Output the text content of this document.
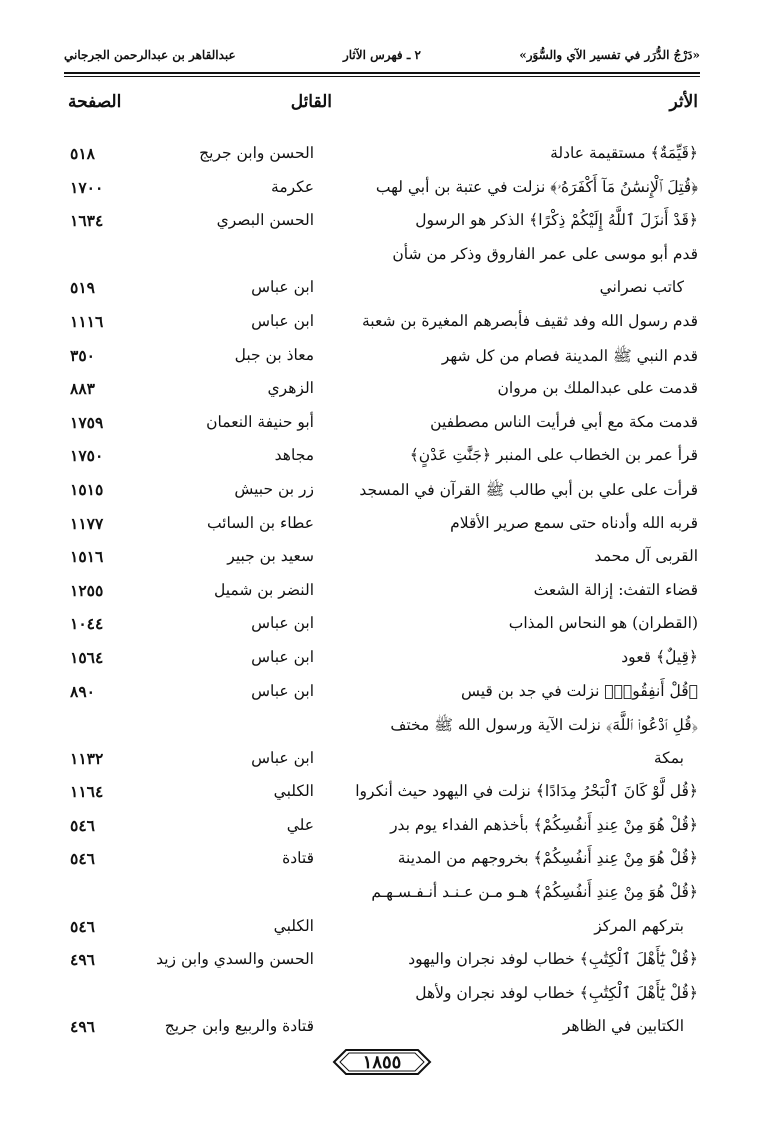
«دَرْجُ الدُّرَر في تفسير الآي والسُّوَر»
٢ ـ فهرس الآثار
عبدالقاهر بن عبدالرحمن الجرجاني
الأثر
القائل
الصفحة
﴿قَيِّمَةٌ﴾ مستقيمة عادلة
الحسن وابن جريج
٥١٨
﴿قُتِلَ ٱلْإِنسَٰنُ مَآ أَكْفَرَهُۥ﴾ نزلت في عتبة بن أبي لهب
عكرمة
١٧٠٠
﴿قَدْ أَنزَلَ ٱللَّهُ إِلَيْكُمْ ذِكْرًا﴾ الذكر هو الرسول
الحسن البصري
١٦٣٤
قدم أبو موسى على عمر الفاروق وذكر من شأن
كاتب نصراني
ابن عباس
٥١٩
قدم رسول الله وفد ثقيف فأبصرهم المغيرة بن شعبة
ابن عباس
١١١٦
قدم النبي ﷺ المدينة فصام من كل شهر
معاذ بن جبل
٣٥٠
قدمت على عبدالملك بن مروان
الزهري
٨٨٣
قدمت مكة مع أبي فرأيت الناس مصطفين
أبو حنيفة النعمان
١٧٥٩
قرأ عمر بن الخطاب على المنبر ﴿جَنَّٰتِ عَدْنٍ﴾
مجاهد
١٧٥٠
قرأت على علي بن أبي طالب ﷺ القرآن في المسجد
زر بن حبيش
١٥١٥
قربه الله وأدناه حتى سمع صرير الأقلام
عطاء بن السائب
١١٧٧
القربى آل محمد
سعيد بن جبير
١٥١٦
قضاء التفث: إزالة الشعث
النضر بن شميل
١٢٥٥
(القطران) هو النحاس المذاب
ابن عباس
١٠٤٤
﴿قِيلٌ﴾ قعود
ابن عباس
١٥٦٤
﴿قُلْ أَنفِقُوا۟﴾ نزلت في جد بن قيس
ابن عباس
٨٩٠
﴿قُلِ ٱدْعُوا۟ ٱللَّهَ﴾ نزلت الآية ورسول الله ﷺ مختف
بمكة
ابن عباس
١١٣٢
﴿قُل لَّوْ كَانَ ٱلْبَحْرُ مِدَادًا﴾ نزلت في اليهود حيث أنكروا
الكلبي
١١٦٤
﴿قُلْ هُوَ مِنْ عِندِ أَنفُسِكُمْ﴾ بأخذهم الفداء يوم بدر
علي
٥٤٦
﴿قُلْ هُوَ مِنْ عِندِ أَنفُسِكُمْ﴾ بخروجهم من المدينة
قتادة
٥٤٦
﴿قُلْ هُوَ مِنْ عِندِ أَنفُسِكُمْ﴾ هـو مـن عـنـد أنـفـسـهـم
بتركهم المركز
الكلبي
٥٤٦
﴿قُلْ يَٰٓأَهْلَ ٱلْكِتَٰبِ﴾ خطاب لوفد نجران واليهود
الحسن والسدي وابن زيد
٤٩٦
﴿قُلْ يَٰٓأَهْلَ ٱلْكِتَٰبِ﴾ خطاب لوفد نجران ولأهل
الكتابين في الظاهر
قتادة والربيع وابن جريج
٤٩٦
١٨٥٥
